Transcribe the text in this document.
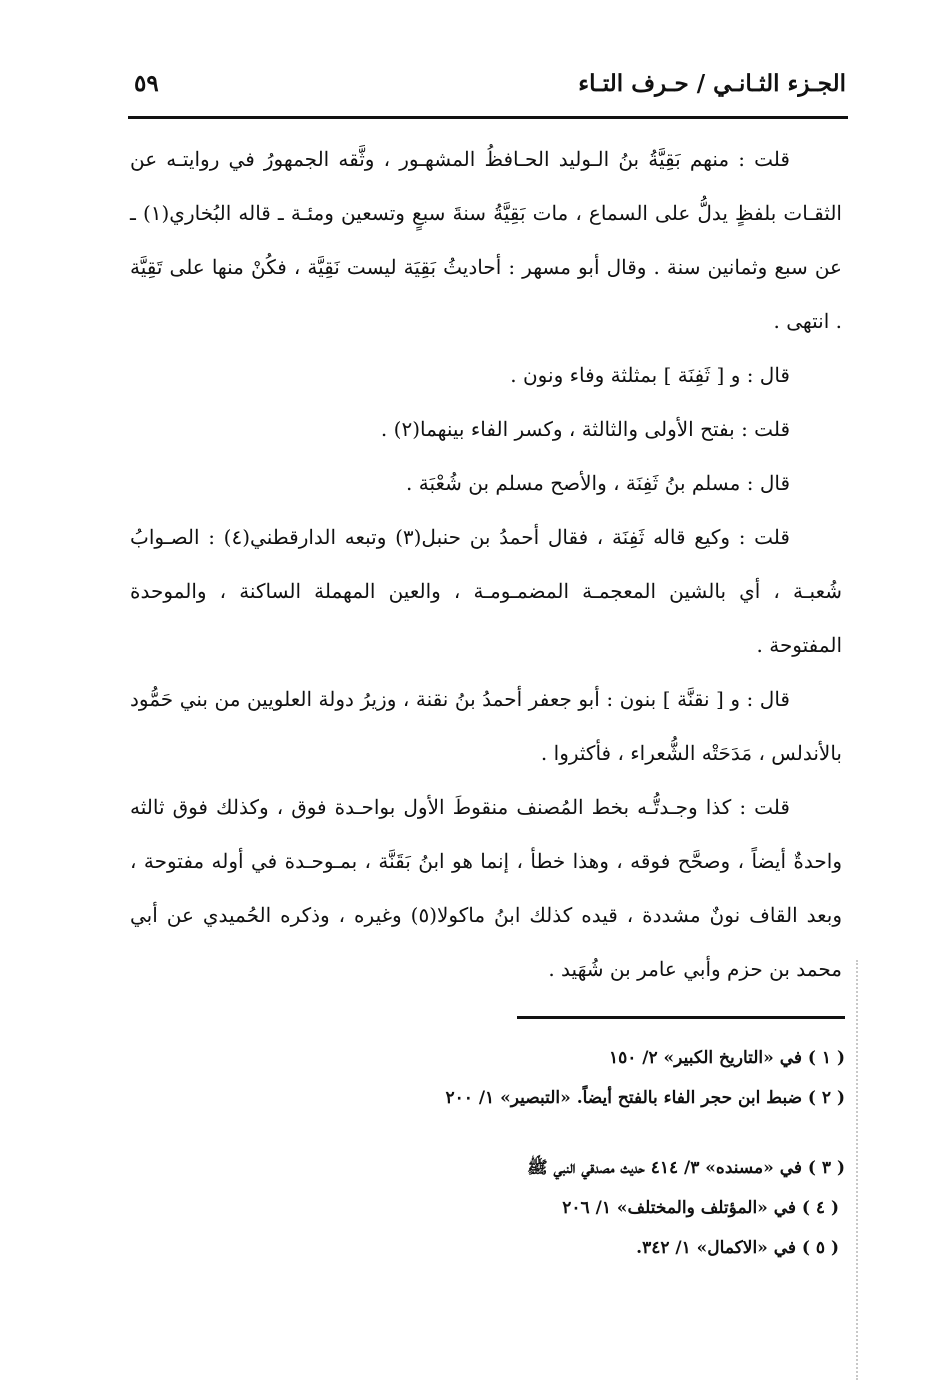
الجـزء الثـانـي / حـرف التـاء
٥٩

قلت : منهم بَقِيَّةُ بنُ الـوليد الحـافظُ المشهـور ، وثَّقه الجمهورُ في روايتـه عن الثقـات بلفظٍ يدلُّ على السماع ، مات بَقِيَّةُ سنةَ سبعٍ وتسعين ومئـة ـ قاله البُخاري(١) ـ عن سبع وثمانين سنة . وقال أبو مسهر : أحاديثُ بَقِيَة ليست نَقِيَّة ، فكُنْ منها على تَقِيَّة . انتهى .

قال : و [ ثَفِنَة ] بمثلثة وفاء ونون .

قلت : بفتح الأولى والثالثة ، وكسر الفاء بينهما(٢) .

قال : مسلم بنُ ثَفِنَة ، والأصح مسلم بن شُعْبَة .

قلت : وكيع قاله ثَفِنَة ، فقال أحمدُ بن حنبل(٣) وتبعه الدارقطني(٤) : الصـوابُ شُعبـة ، أي بالشين المعجمـة المضمـومـة ، والعين المهملة الساكنة ، والموحدة المفتوحة .

قال : و [ نقنَّة ] بنون : أبو جعفر أحمدُ بنُ نقنة ، وزيرُ دولة العلويين من بني حَمُّود بالأندلس ، مَدَحَتْه الشُّعراء ، فأكثروا .

قلت : كذا وجـدتُّـه بخط المُصنف منقوطَ الأول بواحـدة فوق ، وكذلك فوق ثالثه واحدةٌ أيضاً ، وصحَّح فوقه ، وهذا خطأ ، إنما هو ابنُ بَقَنَّة ، بمـوحـدة في أوله مفتوحة ، وبعد القاف نونٌ مشددة ، قيده كذلك ابنُ ماكولا(٥) وغيره ، وذكره الحُميدي عن أبي محمد بن حزم وأبي عامر بن شُهَيد .

( ١ ) في «التاريخ الكبير» ٢/ ١٥٠

( ٢ ) ضبط ابن حجر الفاء بالفتح أيضاً. «التبصير» ١/ ٢٠٠

( ٣ ) في «مسنده» ٣/ ٤١٤ حديث مصدقي النبي ﷺ

( ٤ ) في «المؤتلف والمختلف» ١/ ٢٠٦

( ٥ ) في «الاكمال» ١/ ٣٤٢.
